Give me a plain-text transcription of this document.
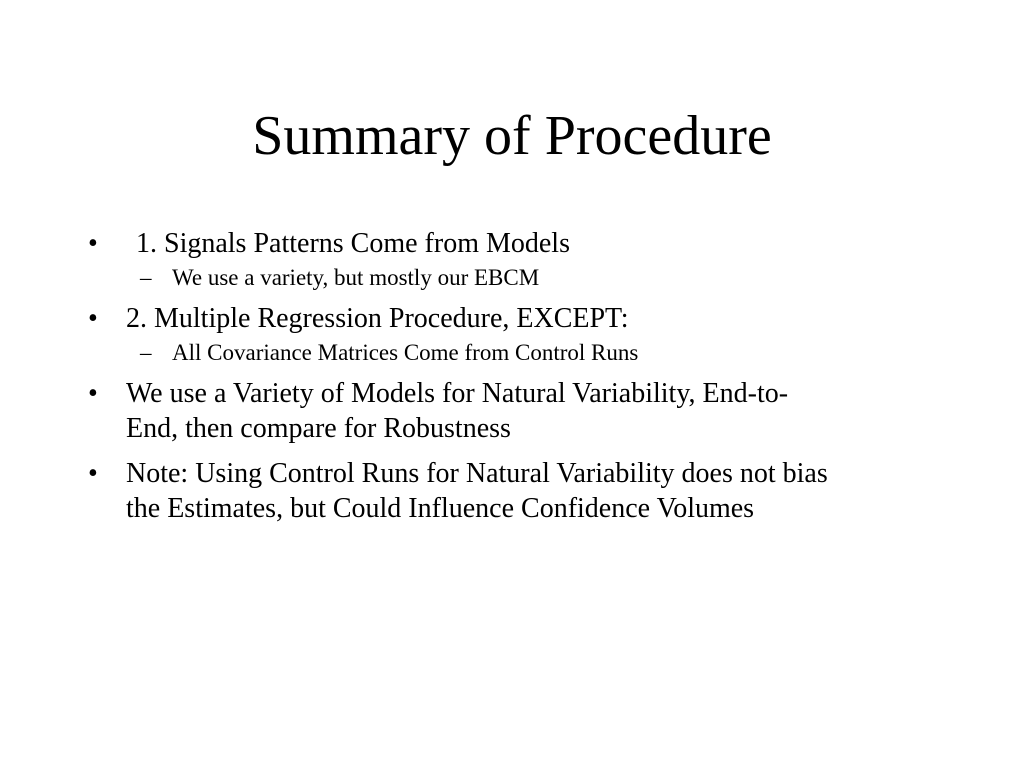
Summary of Procedure
•	1. Signals Patterns Come from Models
– We use a variety, but mostly our EBCM
•	2. Multiple Regression Procedure, EXCEPT:
– All Covariance Matrices Come from Control Runs
•	We use a Variety of Models for Natural Variability, End-to-
End, then compare for Robustness
•	Note: Using Control Runs for Natural Variability does not bias
the Estimates, but Could Influence Confidence Volumes
